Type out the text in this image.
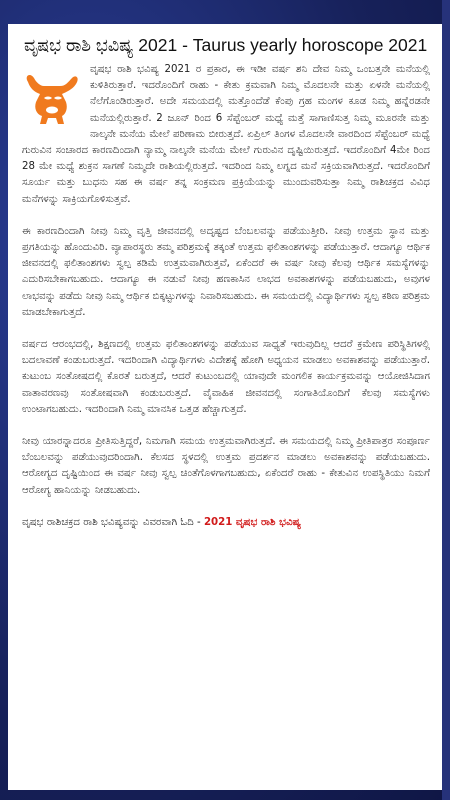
ವೃಷಭ ರಾಶಿ ಭವಿಷ್ಯ 2021 - Taurus yearly horoscope 2021

ವೃಷಭ ರಾಶಿ ಭವಿಷ್ಯ 2021 ರ ಪ್ರಕಾರ, ಈ ಇಡೀ ವರ್ಷ ಶನಿ ದೇವ ನಿಮ್ಮ ಒಂಬತ್ತನೇ ಮನೆಯಲ್ಲಿ ಕುಳಿತಿರುತ್ತಾರೆ. ಇದರೊಂದಿಗೆ ರಾಹು - ಕೇತು ಕ್ರಮವಾಗಿ ನಿಮ್ಮ ಮೊದಲನೇ ಮತ್ತು ಏಳನೇ ಮನೆಯಲ್ಲಿ ನೆಲೆಗೊಂಡಿರುತ್ತಾರೆ. ಅದೇ ಸಮಯದಲ್ಲಿ ಮತ್ತೊಂದೆಡೆ ಕೆಂಪು ಗ್ರಹ ಮಂಗಳ ಕೂಡ ನಿಮ್ಮ ಹನ್ನೆರಡನೇ ಮನೆಯಲ್ಲಿರುತ್ತಾರೆ. 2 ಜೂನ್ ರಿಂದ 6 ಸೆಪ್ಟೆಂಬರ್ ಮಧ್ಯೆ ಮತ್ತೆ ಸಾಗಾಣಿಸುತ್ತ ನಿಮ್ಮ ಮೂರನೇ ಮತ್ತು ನಾಲ್ಕನೇ ಮನೆಯ ಮೇಲೆ ಪರಿಣಾಮ ಬೀರುತ್ತದೆ. ಏಪ್ರಿಲ್ ತಿಂಗಳ ಮೊದಲನೇ ವಾರದಿಂದ ಸೆಪ್ಟೆಂಬರ್ ಮಧ್ಯೆ ಗುರುವಿನ ಸಂಚಾರದ ಕಾರಣದಿಂದಾಗಿ ನ್ಯಾಮ್ಮ ನಾಲ್ಕನೇ ಮನೆಯ ಮೇಲೆ ಗುರುವಿನ ದೃಷ್ಟಿಯಿರುತ್ತದೆ. ಇದರೊಂದಿಗೆ 4ಮೇ ರಿಂದ 28 ಮೇ ಮಧ್ಯೆ ಶುಕ್ರನ ಸಾಗಣೆ ನಿಮ್ಮದೇ ರಾಶಿಯಲ್ಲಿರುತ್ತದೆ. ಇದರಿಂದ ನಿಮ್ಮ ಲಗ್ನದ ಮನೆ ಸಕ್ರಿಯವಾಗಿರುತ್ತದೆ. ಇದರೊಂದಿಗೆ ಸೂರ್ಯ ಮತ್ತು ಬುಧನು ಸಹ ಈ ವರ್ಷ ತನ್ನ ಸಂಕ್ರಮಣ ಪ್ರಕ್ರಿಯೆಯನ್ನು ಮುಂದುವರಿಸುತ್ತಾ ನಿಮ್ಮ ರಾಶಿಚಕ್ರದ ವಿವಿಧ ಮನೆಗಳನ್ನು ಸಾಕ್ರಿಯಗೊಳಿಸುತ್ತವೆ.

ಈ ಕಾರಣದಿಂದಾಗಿ ನೀವು ನಿಮ್ಮ ವೃತ್ತಿ ಜೀವನದಲ್ಲಿ ಅದೃಷ್ಟದ ಬೆಂಬಲವನ್ನು ಪಡೆಯುತ್ತೀರಿ. ನೀವು ಉತ್ತಮ ಸ್ಥಾನ ಮತ್ತು ಪ್ರಗತಿಯನ್ನು ಹೊಂದುವಿರಿ. ವ್ಯಾಪಾರಸ್ಥರು ತಮ್ಮ ಪರಿಶ್ರಮಕ್ಕೆ ತಕ್ಕಂತೆ ಉತ್ತಮ ಫಲಿತಾಂಶಗಳನ್ನು ಪಡೆಯುತ್ತಾರೆ. ಆದಾಗ್ಯೂ ಆರ್ಥಿಕ ಜೀವನದಲ್ಲಿ ಫಲಿತಾಂಶಗಳು ಸ್ವಲ್ಪ ಕಡಿಮೆ ಉತ್ತಮವಾಗಿರುತ್ತವೆ, ಏಕೆಂದರೆ ಈ ವರ್ಷ ನೀವು ಕೆಲವು ಆರ್ಥಿಕ ಸಮಸ್ಯೆಗಳನ್ನು ಎದುರಿಸಬೇಕಾಗಬಹುದು. ಆದಾಗ್ಯೂ ಈ ನಡುವೆ ನೀವು ಹಣಕಾಸಿನ ಲಾಭದ ಅವಕಾಶಗಳನ್ನು ಪಡೆಯಬಹುದು, ಅವುಗಳ ಲಾಭವನ್ನು ಪಡೆದು ನೀವು ನಿಮ್ಮ ಆರ್ಥಿಕ ಬಿಕ್ಕಟ್ಟುಗಳನ್ನು ನಿವಾರಿಸಬಹುದು. ಈ ಸಮಯದಲ್ಲಿ ವಿದ್ಯಾರ್ಥಿಗಳು ಸ್ವಲ್ಪ ಕಠಿಣ ಪರಿಶ್ರಮ ಮಾಡಬೇಕಾಗುತ್ತದೆ.

ವರ್ಷದ ಆರಂಭದಲ್ಲಿ, ಶಿಕ್ಷಣದಲ್ಲಿ ಉತ್ತಮ ಫಲಿತಾಂಶಗಳನ್ನು ಪಡೆಯುವ ಸಾಧ್ಯತೆ ಇರುವುದಿಲ್ಲ ಆದರೆ ಕ್ರಮೇಣ ಪರಿಸ್ಥಿತಿಗಳಲ್ಲಿ ಬದಲಾವಣೆ ಕಂಡುಬರುತ್ತದೆ. ಇದರಿಂದಾಗಿ ವಿದ್ಯಾರ್ಥಿಗಳು ವಿದೇಶಕ್ಕೆ ಹೋಗಿ ಅಧ್ಯಯನ ಮಾಡಲು ಅವಕಾಶವನ್ನು ಪಡೆಯುತ್ತಾರೆ. ಕುಟುಂಬ ಸಂತೋಷದಲ್ಲಿ ಕೊರತೆ ಬರುತ್ತದೆ, ಆದರೆ ಕುಟುಂಬದಲ್ಲಿ ಯಾವುದೇ ಮಂಗಲಿಕ ಕಾರ್ಯಕ್ರಮವನ್ನು ಆಯೋಜಿಸಿದಾಗ ವಾತಾವರಣವು ಸಂತೋಷವಾಗಿ ಕಂಡುಬರುತ್ತದೆ. ವೈವಾಹಿಕ ಜೀವನದಲ್ಲಿ ಸಂಗಾತಿಯೊಂದಿಗೆ ಕೆಲವು ಸಮಸ್ಯೆಗಳು ಉಂಟಾಗಬಹುದು. ಇದರಿಂದಾಗಿ ನಿಮ್ಮ ಮಾನಸಿಕ ಒತ್ತಡ ಹೆಚ್ಚಾಗುತ್ತದೆ.

ನೀವು ಯಾರನ್ನಾದರೂ ಪ್ರೀತಿಸುತ್ತಿದ್ದರೆ, ನಿಮಗಾಗಿ ಸಮಯ ಉತ್ತಮವಾಗಿರುತ್ತದೆ. ಈ ಸಮಯದಲ್ಲಿ ನಿಮ್ಮ ಪ್ರೀತಿಪಾತ್ರರ ಸಂಪೂರ್ಣ ಬೆಂಬಲವನ್ನು ಪಡೆಯುವುದರಿಂದಾಗಿ. ಕೆಲಸದ ಸ್ಥಳದಲ್ಲಿ ಉತ್ತಮ ಪ್ರದರ್ಶನ ಮಾಡಲು ಅವಕಾಶವನ್ನು ಪಡೆಯಬಹುದು. ಆರೋಗ್ಯದ ದೃಷ್ಟಿಯಿಂದ ಈ ವರ್ಷ ನೀವು ಸ್ವಲ್ಪ ಚಿಂತೆಗೊಳಗಾಗಬಹುದು, ಏಕೆಂದರೆ ರಾಹು - ಕೇತುವಿನ ಉಪಸ್ಥಿತಿಯು ನಿಮಗೆ ಆರೋಗ್ಯ ಹಾನಿಯನ್ನು ನೀಡಬಹುದು.

ವೃಷಭ ರಾಶಿಚಕ್ರದ ರಾಶಿ ಭವಿಷ್ಯವನ್ನು ವಿವರವಾಗಿ ಓದಿ - 2021 ವೃಷಭ ರಾಶಿ ಭವಿಷ್ಯ
